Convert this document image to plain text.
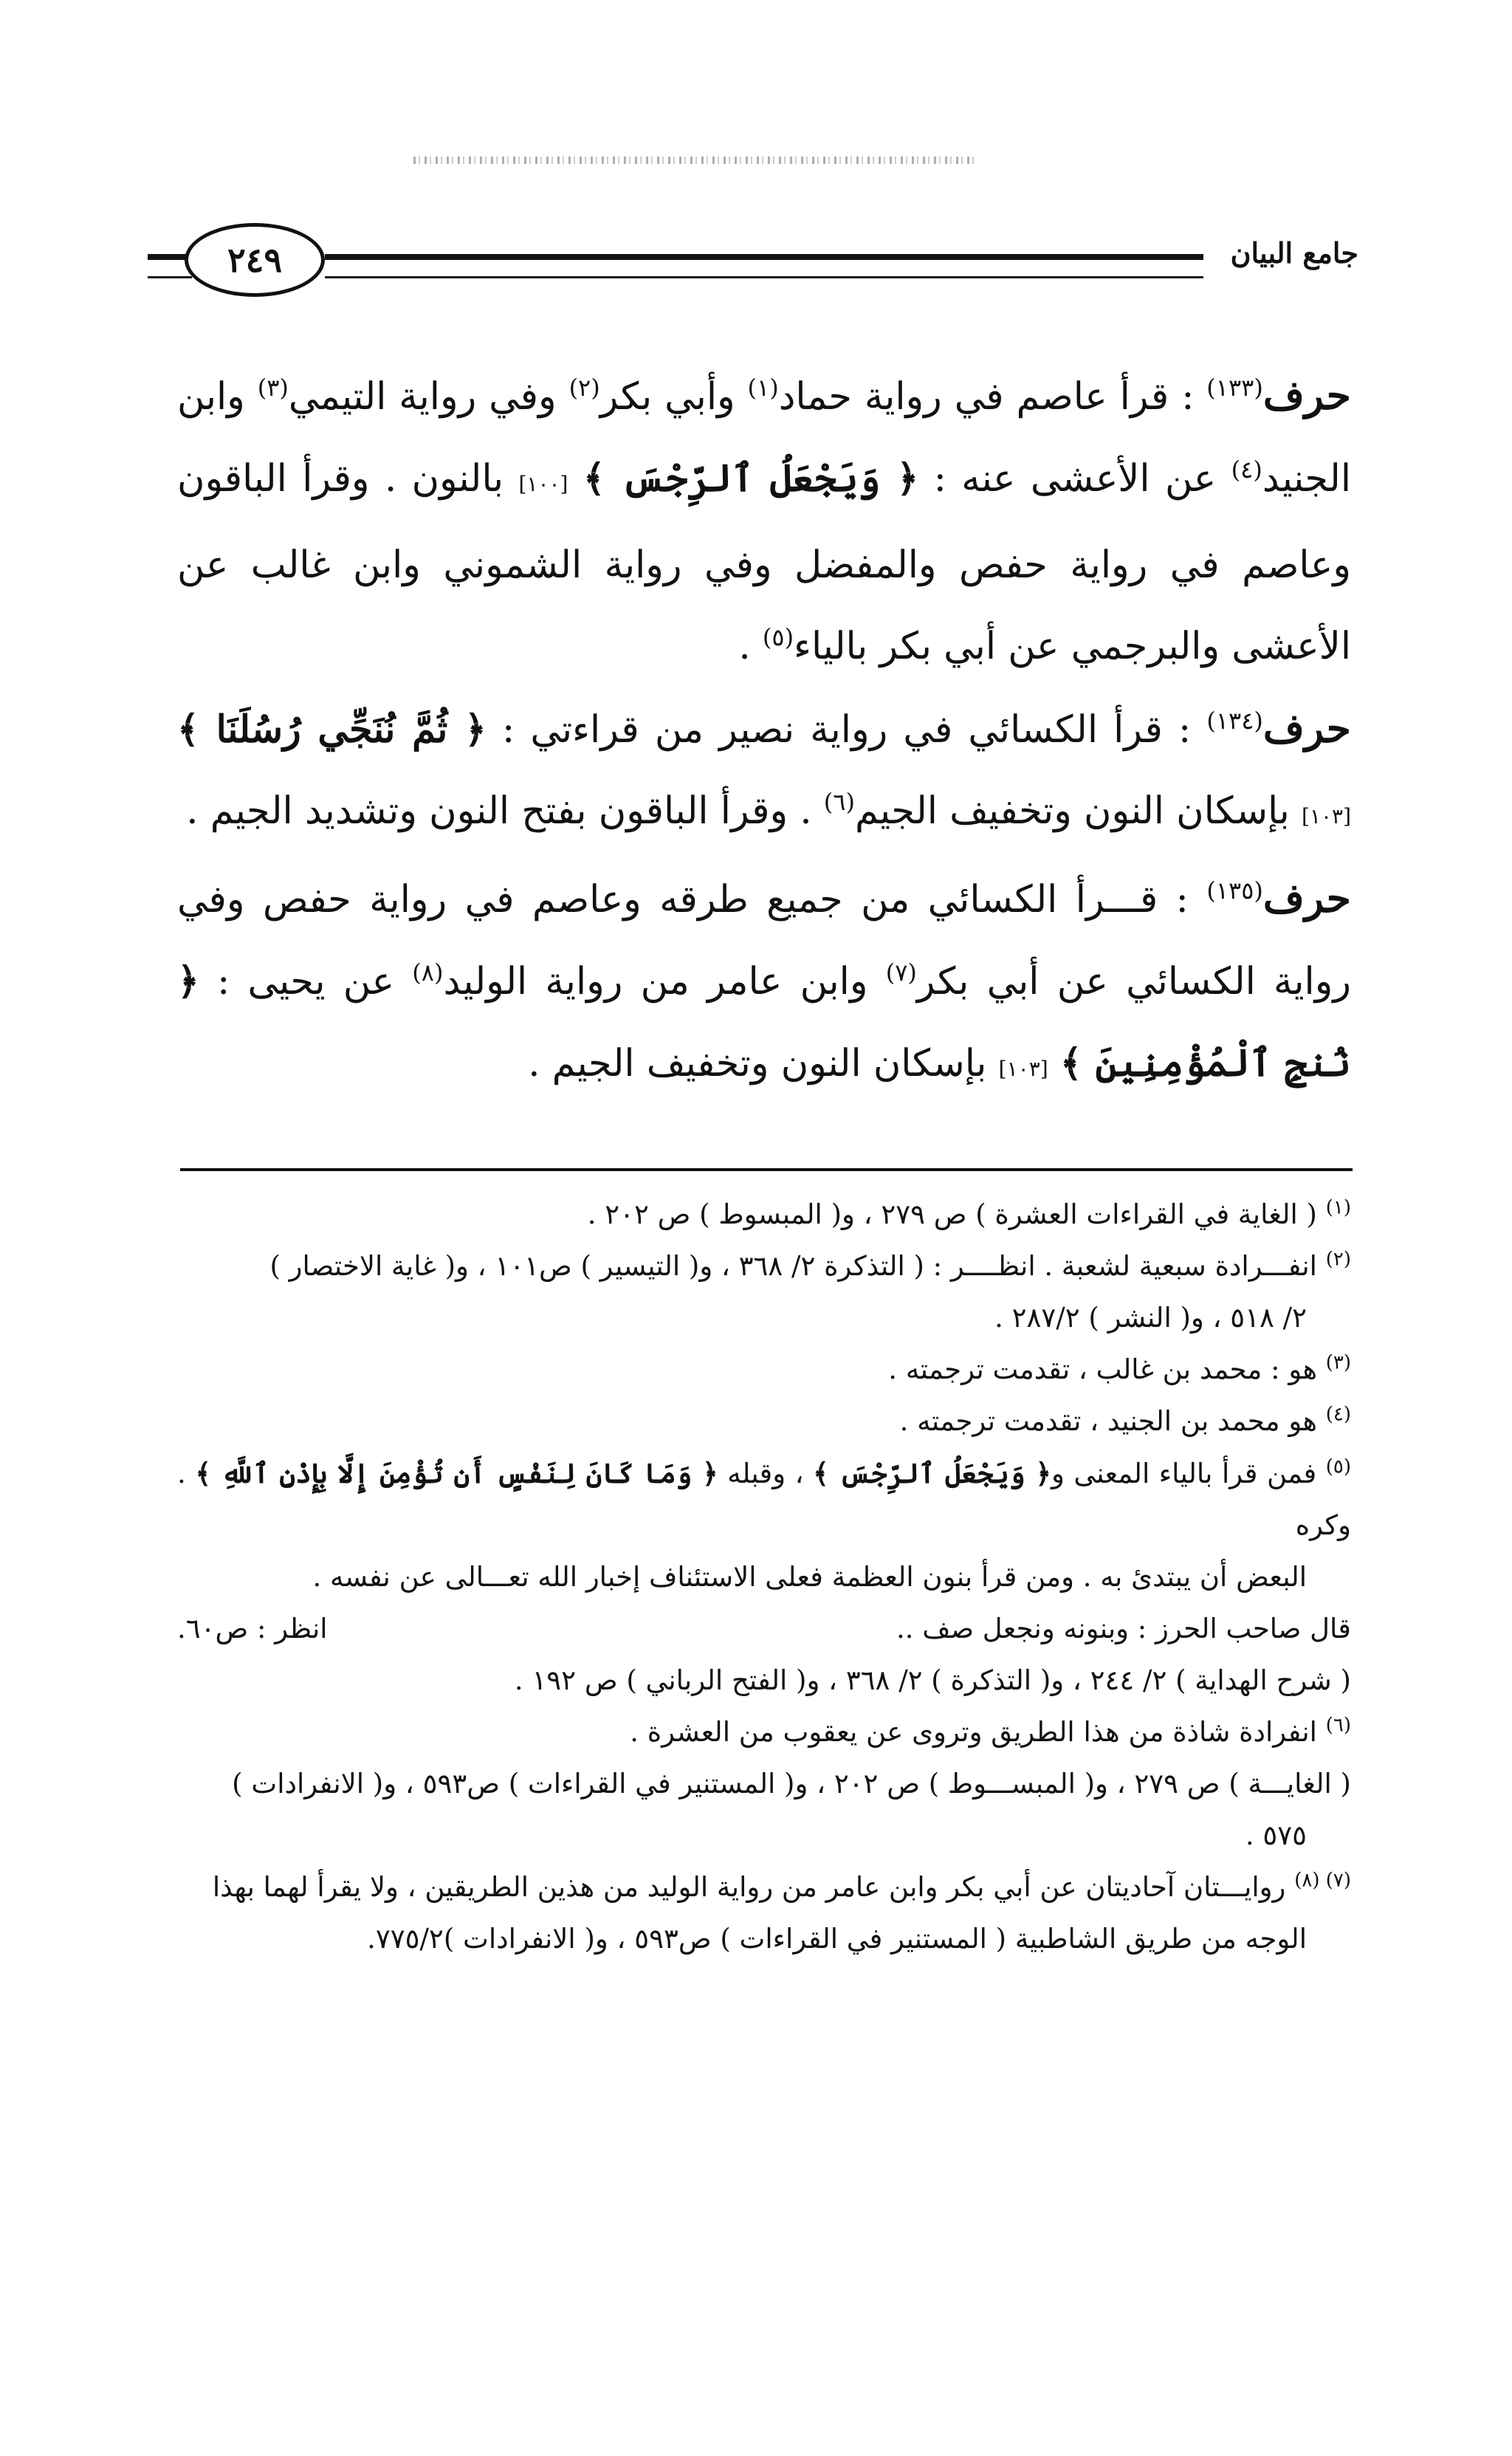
٢٤٩	جامع البيان

حرف$^{(١٣٣)}$ : قرأ عاصم في رواية حماد$^{(١)}$ وأبي بكر$^{(٢)}$ وفي رواية التيمي$^{(٣)}$ وابن الجنيد$^{(٤)}$ عن الأعشى عنه : ﴿ وَيَجْعَلُ ٱلرِّجْسَ ﴾ [١٠٠] بالنون . وقرأ الباقون وعاصم في رواية حفص والمفضل وفي رواية الشموني وابن غالب عن الأعشى والبرجمي عن أبي بكر بالياء$^{(٥)}$ .

حرف$^{(١٣٤)}$ : قرأ الكسائي في رواية نصير من قراءتي : ﴿ ثُمَّ نُنَجِّي رُسُلَنَا ﴾ [١٠٣] بإسكان النون وتخفيف الجيم$^{(٦)}$ . وقرأ الباقون بفتح النون وتشديد الجيم .

حرف$^{(١٣٥)}$ : قـــرأ الكسائي من جميع طرقه وعاصم في رواية حفص وفي رواية الكسائي عن أبي بكر$^{(٧)}$ وابن عامر من رواية الوليد$^{(٨)}$ عن يحيى : ﴿ نُنجِ ٱلْمُؤْمِنِينَ ﴾ [١٠٣] بإسكان النون وتخفيف الجيم .

$^{(١)}$ ( الغاية في القراءات العشرة ) ص ٢٧٩ ، و( المبسوط ) ص ٢٠٢ .

$^{(٢)}$ انفـــرادة سبعية لشعبة . انظــــر : ( التذكرة ٢/ ٣٦٨ ، و( التيسير ) ص١٠١ ، و( غاية الاختصار )

٢/ ٥١٨ ، و( النشر ) ٢٨٧/٢ .

$^{(٣)}$ هو : محمد بن غالب ، تقدمت ترجمته .

$^{(٤)}$ هو محمد بن الجنيد ، تقدمت ترجمته .

$^{(٥)}$ فمن قرأ بالياء المعنى و﴿ وَيَجْعَلُ ٱلرِّجْسَ ﴾ ، وقبله ﴿ وَمَا كَانَ لِنَفْسٍ أَن تُؤْمِنَ إِلَّا بِإِذْنِ ٱللَّهِ ﴾ . وكره

البعض أن يبتدئ به . ومن قرأ بنون العظمة فعلى الاستئناف إخبار الله تعـــالى عن نفسه .

قال صاحب الحرز : وبنونه ونجعل صف ..
انظر : ص٦٠.

( شرح الهداية ) ٢/ ٢٤٤ ، و( التذكرة ) ٢/ ٣٦٨ ، و( الفتح الرباني ) ص ١٩٢ .

$^{(٦)}$ انفرادة شاذة من هذا الطريق وتروى عن يعقوب من العشرة .

( الغايـــة ) ص ٢٧٩ ، و( المبســـوط ) ص ٢٠٢ ، و( المستنير في القراءات ) ص٥٩٣ ، و( الانفرادات )

٥٧٥ .

$^{(٧) (٨)}$ روايـــتان آحاديتان عن أبي بكر وابن عامر من رواية الوليد من هذين الطريقين ، ولا يقرأ لهما بهذا

الوجه من طريق الشاطبية ( المستنير في القراءات ) ص٥٩٣ ، و( الانفرادات )٧٧٥/٢.
